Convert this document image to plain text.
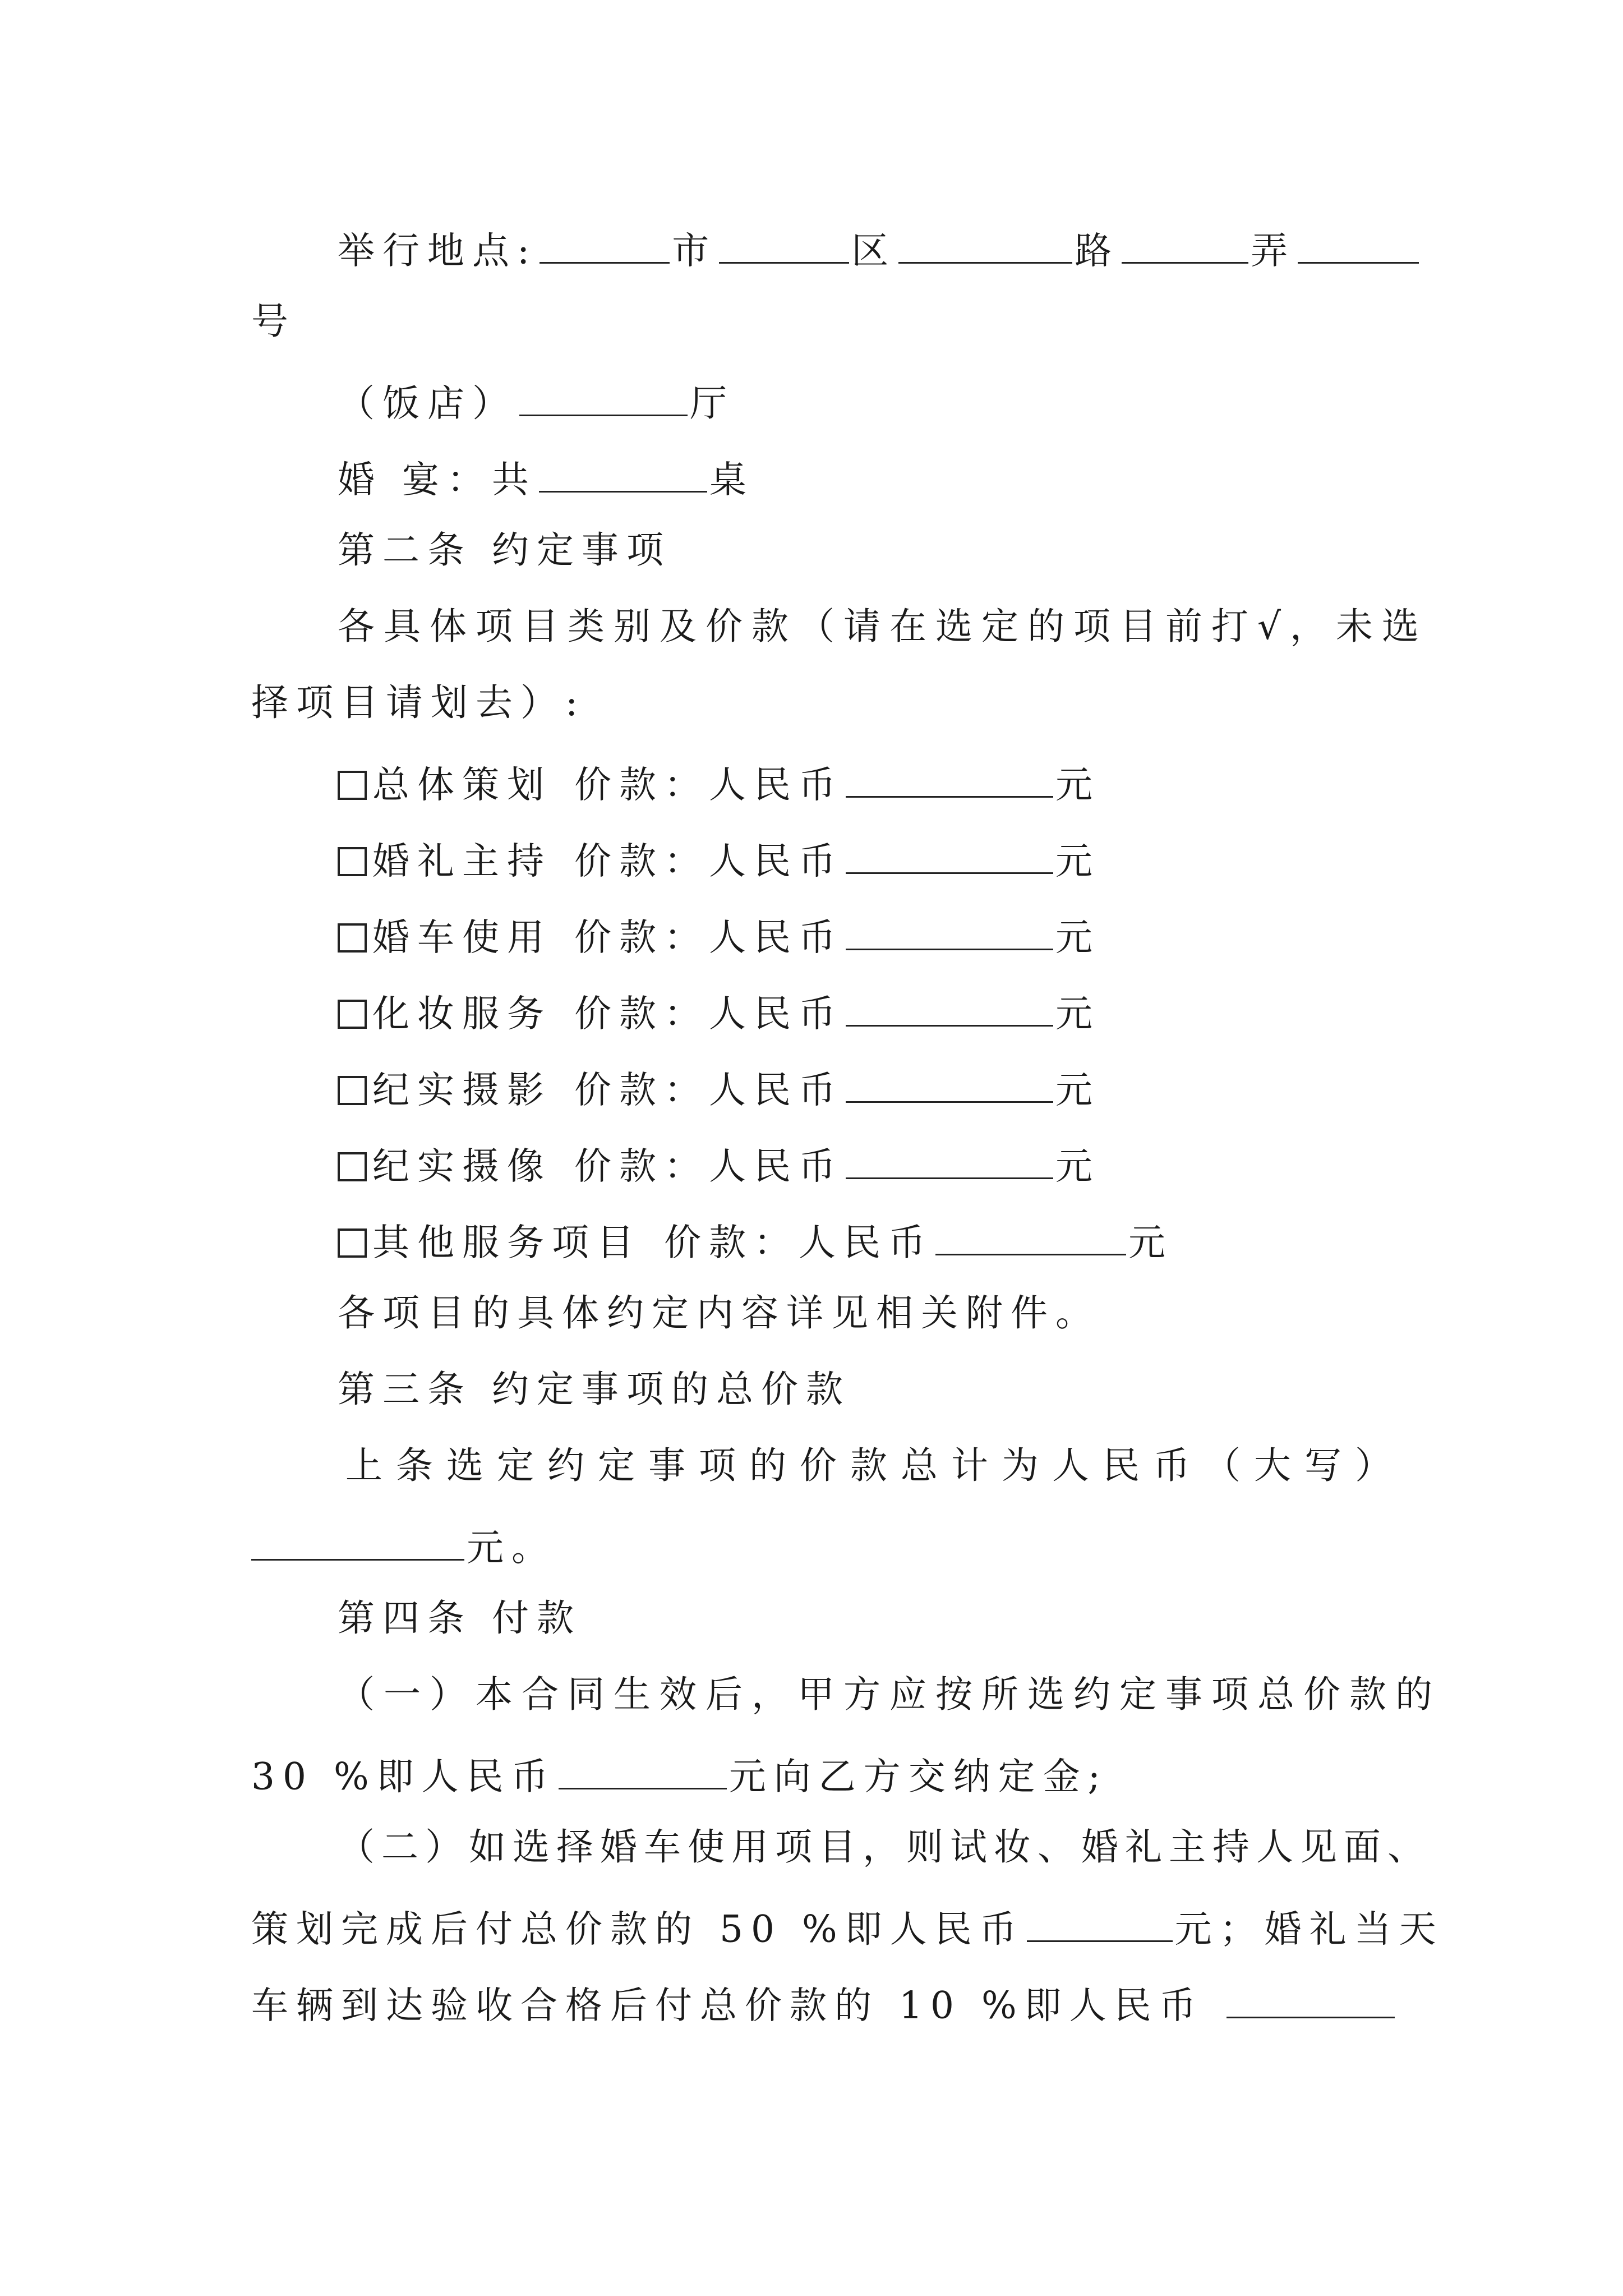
举行地点:	市	区	路	弄
号
（饭店）	厅
婚 宴：共	桌
第二条 约定事项
各具体项目类别及价款（请在选定的项目前打√，未选
择项目请划去）:
总体策划 价款：人民币	元
婚礼主持 价款：人民币	元
婚车使用 价款：人民币	元
化妆服务 价款：人民币	元
纪实摄影 价款：人民币	元
纪实摄像 价款：人民币	元
其他服务项目 价款：人民币	元
各项目的具体约定内容详见相关附件。
第三条 约定事项的总价款
上条选定约定事项的价款总计为人民币（大写）
元。
第四条 付款
（一）本合同生效后，甲方应按所选约定事项总价款的
30 %即人民币	元向乙方交纳定金;
（二）如选择婚车使用项目，则试妆、婚礼主持人见面、
策划完成后付总价款的 50 %即人民币	元；婚礼当天
车辆到达验收合格后付总价款的 10 %即人民币
